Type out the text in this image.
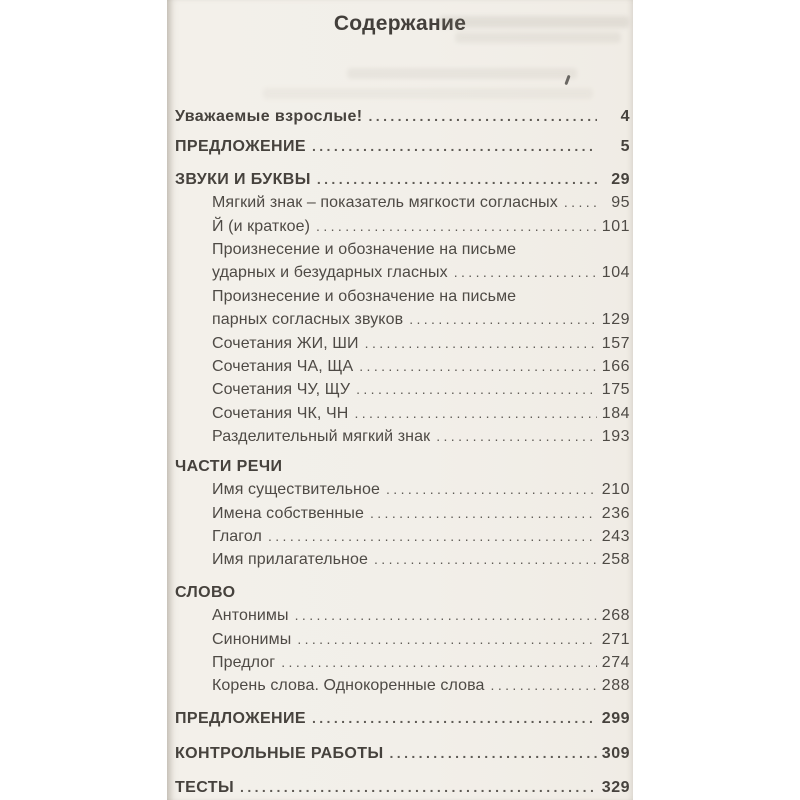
Содержание
Уважаемые взрослые! .....	4
ПРЕДЛОЖЕНИЕ .....	5
ЗВУКИ И БУКВЫ .....	29
Мягкий знак – показатель мягкости согласных .....	95
Й (и краткое) .....	101
Произнесение и обозначение на письме
ударных и безударных гласных .....	104
Произнесение и обозначение на письме
парных согласных звуков .....	129
Сочетания ЖИ, ШИ .....	157
Сочетания ЧА, ЩА .....	166
Сочетания ЧУ, ЩУ .....	175
Сочетания ЧК, ЧН .....	184
Разделительный мягкий знак .....	193
ЧАСТИ РЕЧИ
Имя существительное .....	210
Имена собственные .....	236
Глагол .....	243
Имя прилагательное .....	258
СЛОВО
Антонимы .....	268
Синонимы .....	271
Предлог .....	274
Корень слова. Однокоренные слова .....	288
ПРЕДЛОЖЕНИЕ .....	299
КОНТРОЛЬНЫЕ РАБОТЫ .....	309
ТЕСТЫ .....	329
